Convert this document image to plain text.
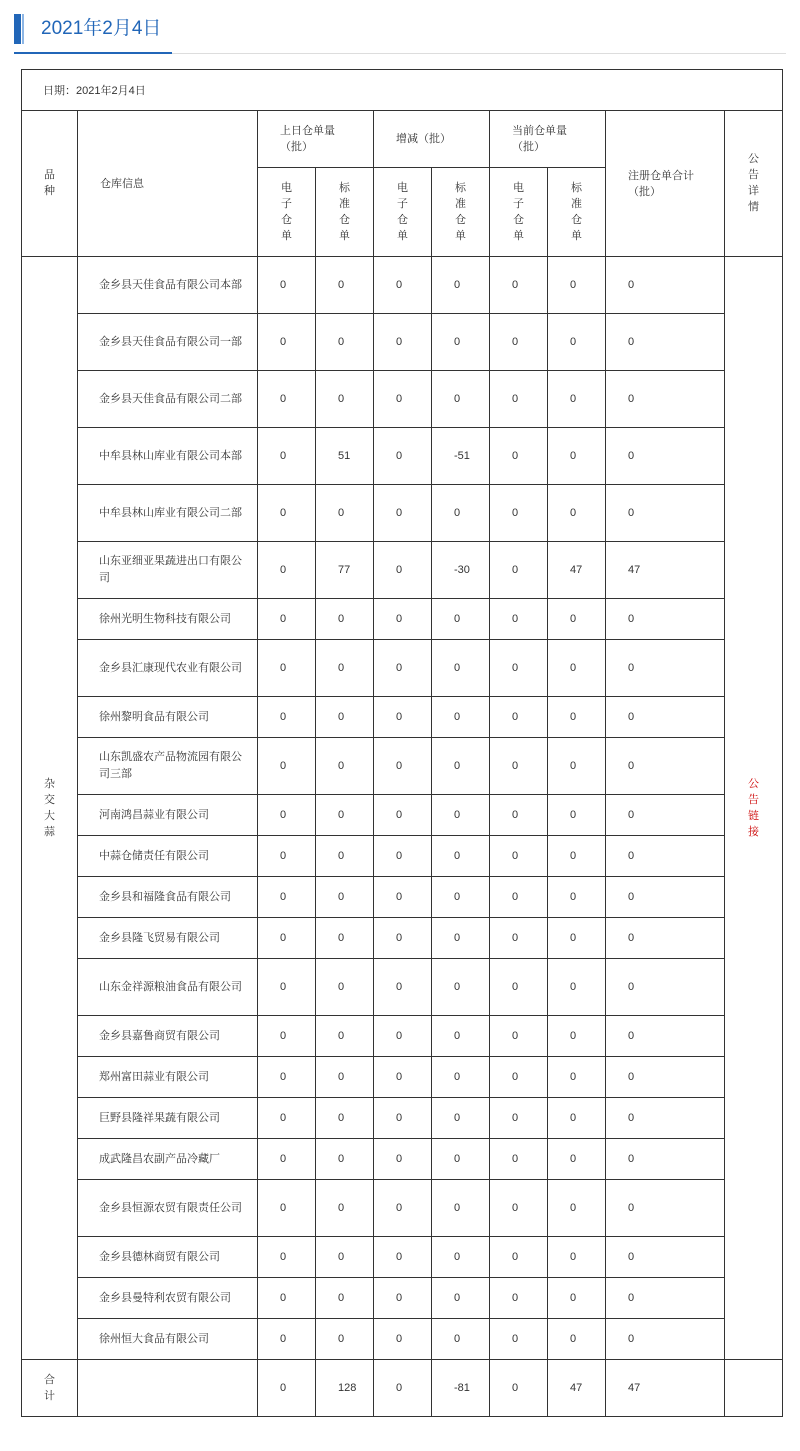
2021年2月4日
日期：2021年2月4日									
品种	仓库信息	上日仓单量（批）		增减（批）		当前仓单量（批）		注册仓单合计（批）	公告详情
		电子仓单	标准仓单	电子仓单	标准仓单	电子仓单	标准仓单		
杂交大蒜	金乡县天佳食品有限公司本部	0	0	0	0	0	0	0	公告链接
	金乡县天佳食品有限公司一部	0	0	0	0	0	0	0	
	金乡县天佳食品有限公司二部	0	0	0	0	0	0	0	
	中牟县林山库业有限公司本部	0	51	0	-51	0	0	0	
	中牟县林山库业有限公司二部	0	0	0	0	0	0	0	
	山东亚细亚果蔬进出口有限公司	0	77	0	-30	0	47	47	
	徐州光明生物科技有限公司	0	0	0	0	0	0	0	
	金乡县汇康现代农业有限公司	0	0	0	0	0	0	0	
	徐州黎明食品有限公司	0	0	0	0	0	0	0	
	山东凯盛农产品物流园有限公司三部	0	0	0	0	0	0	0	
	河南鸿昌蒜业有限公司	0	0	0	0	0	0	0	
	中蒜仓储责任有限公司	0	0	0	0	0	0	0	
	金乡县和福隆食品有限公司	0	0	0	0	0	0	0	
	金乡县隆飞贸易有限公司	0	0	0	0	0	0	0	
	山东金祥源粮油食品有限公司	0	0	0	0	0	0	0	
	金乡县嘉鲁商贸有限公司	0	0	0	0	0	0	0	
	郑州富田蒜业有限公司	0	0	0	0	0	0	0	
	巨野县隆祥果蔬有限公司	0	0	0	0	0	0	0	
	成武隆昌农副产品冷藏厂	0	0	0	0	0	0	0	
	金乡县恒源农贸有限责任公司	0	0	0	0	0	0	0	
	金乡县德林商贸有限公司	0	0	0	0	0	0	0	
	金乡县曼特利农贸有限公司	0	0	0	0	0	0	0	
	徐州恒大食品有限公司	0	0	0	0	0	0	0	
合计		0	128	0	-81	0	47	47	
